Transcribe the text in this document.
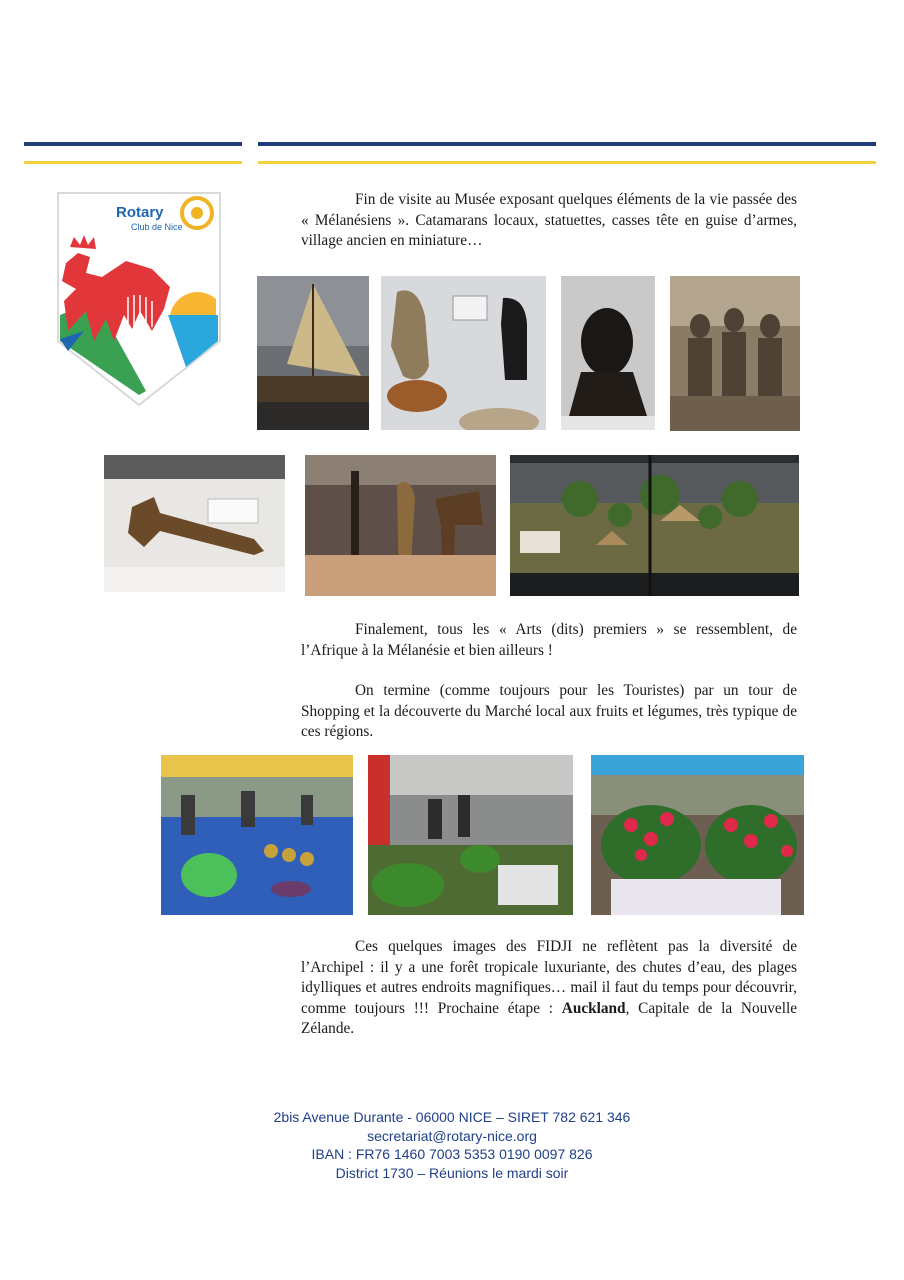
Rotary
Club de Nice

Fin de visite au Musée exposant quelques éléments de la vie passée des « Mélanésiens ». Catamarans locaux, statuettes, casses tête en guise d’armes, village ancien en miniature…

Finalement, tous les « Arts (dits) premiers » se ressemblent, de l’Afrique à la Mélanésie et bien ailleurs !

On termine (comme toujours pour les Touristes) par un tour de Shopping et la découverte du Marché local aux fruits et légumes, très typique de ces régions.

Ces quelques images des FIDJI ne reflètent pas la diversité de l’Archipel : il y a une forêt tropicale luxuriante, des chutes d’eau, des plages idylliques et autres endroits magnifiques… mail il faut du temps pour découvrir, comme toujours !!! Prochaine étape : Auckland, Capitale de la Nouvelle Zélande.

2bis Avenue Durante - 06000 NICE – SIRET 782 621 346
secretariat@rotary-nice.org
IBAN : FR76 1460 7003 5353 0190 0097 826
District 1730 – Réunions le mardi soir
